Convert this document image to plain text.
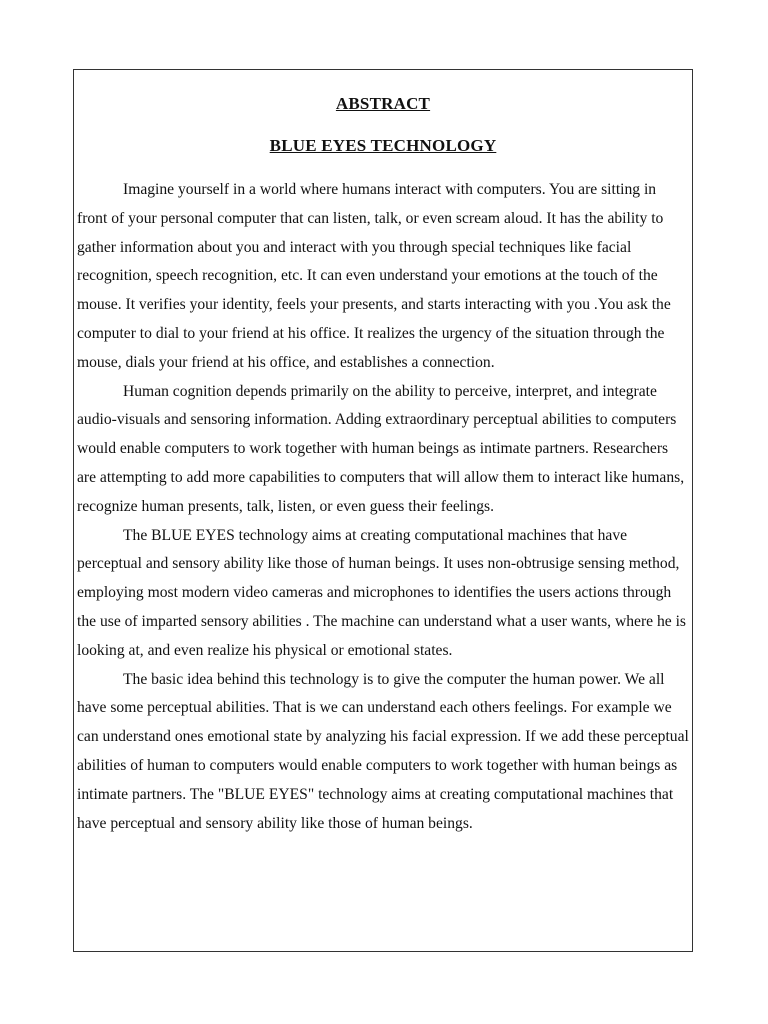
ABSTRACT
BLUE EYES TECHNOLOGY

Imagine yourself in a world where humans interact with computers. You are sitting in front of your personal computer that can listen, talk, or even scream aloud. It has the ability to gather information about you and interact with you through special techniques like facial recognition, speech recognition, etc. It can even understand your emotions at the touch of the mouse. It verifies your identity, feels your presents, and starts interacting with you .You ask the computer to dial to your friend at his office. It realizes the urgency of the situation through the mouse, dials your friend at his office, and establishes a connection.

Human cognition depends primarily on the ability to perceive, interpret, and integrate audio-visuals and sensoring information. Adding extraordinary perceptual abilities to computers would enable computers to work together with human beings as intimate partners. Researchers are attempting to add more capabilities to computers that will allow them to interact like humans, recognize human presents, talk, listen, or even guess their feelings.

The BLUE EYES technology aims at creating computational machines that have perceptual and sensory ability like those of human beings. It uses non-obtrusige sensing method, employing most modern video cameras and microphones to identifies the users actions through the use of imparted sensory abilities . The machine can understand what a user wants, where he is looking at, and even realize his physical or emotional states.

The basic idea behind this technology is to give the computer the human power. We all have some perceptual abilities. That is we can understand each others feelings. For example we can understand ones emotional state by analyzing his facial expression. If we add these perceptual abilities of human to computers would enable computers to work together with human beings as intimate partners. The "BLUE EYES" technology aims at creating computational machines that have perceptual and sensory ability like those of human beings.
